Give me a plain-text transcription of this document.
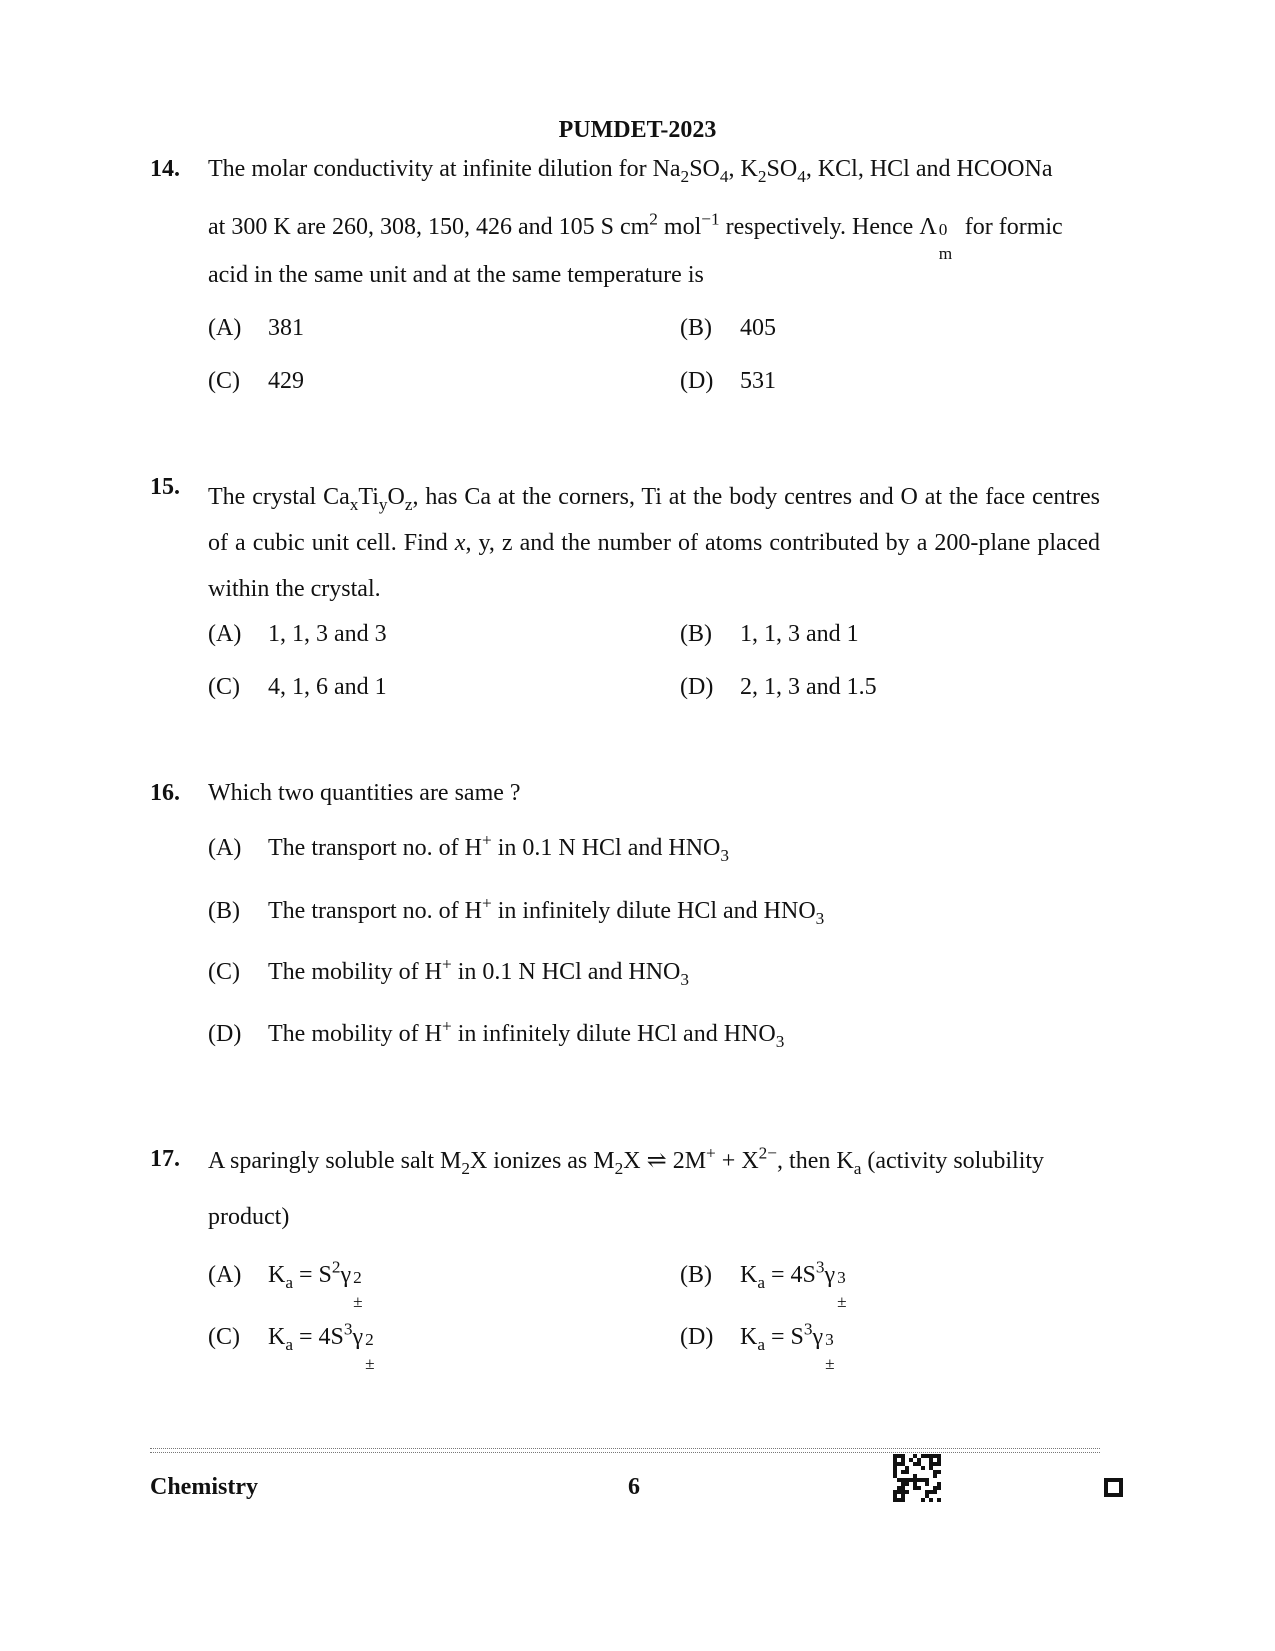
PUMDET-2023
14. The molar conductivity at infinite dilution for $Na_2SO_4$, $K_2SO_4$, KCl, HCl and HCOONa
at 300 K are 260, 308, 150, 426 and 105 S $cm^2$ mol$^{-1}$ respectively. Hence Λ 0
m
for formic
acid in the same unit and at the same temperature is
(A) 381	(B) 405
(C) 429	(D) 531
15. The crystal $Ca_xTi_yO_z$, has Ca at the corners, Ti at the body centres and O at the face centres of a cubic unit cell. Find x, y, z and the number of atoms contributed by a 200-plane placed within the crystal.
(A) 1, 1, 3 and 3	(B) 1, 1, 3 and 1
(C) 4, 1, 6 and 1	(D) 2, 1, 3 and 1.5
16. Which two quantities are same ?
(A) The transport no. of H+ in 0.1 N HCl and $HNO_3$
(B) The transport no. of H+ in infinitely dilute HCl and $HNO_3$
(C) The mobility of H+ in 0.1 N HCl and $HNO_3$
(D) The mobility of H+ in infinitely dilute HCl and $HNO_3$
17. A sparingly soluble salt $M_2X$ ionizes as $M_2X$ ⇌ $2M^+ + X^{2-}$, then $K_a$ (activity solubility
product)
(A) $K_a = S^2\gamma$ 2
±
(B) $K_a = 4S^3\gamma$ 3
±
(C) $K_a = 4S^3\gamma$ 2
±
(D) $K_a = S^3\gamma$ 3
±
Chemistry	6
